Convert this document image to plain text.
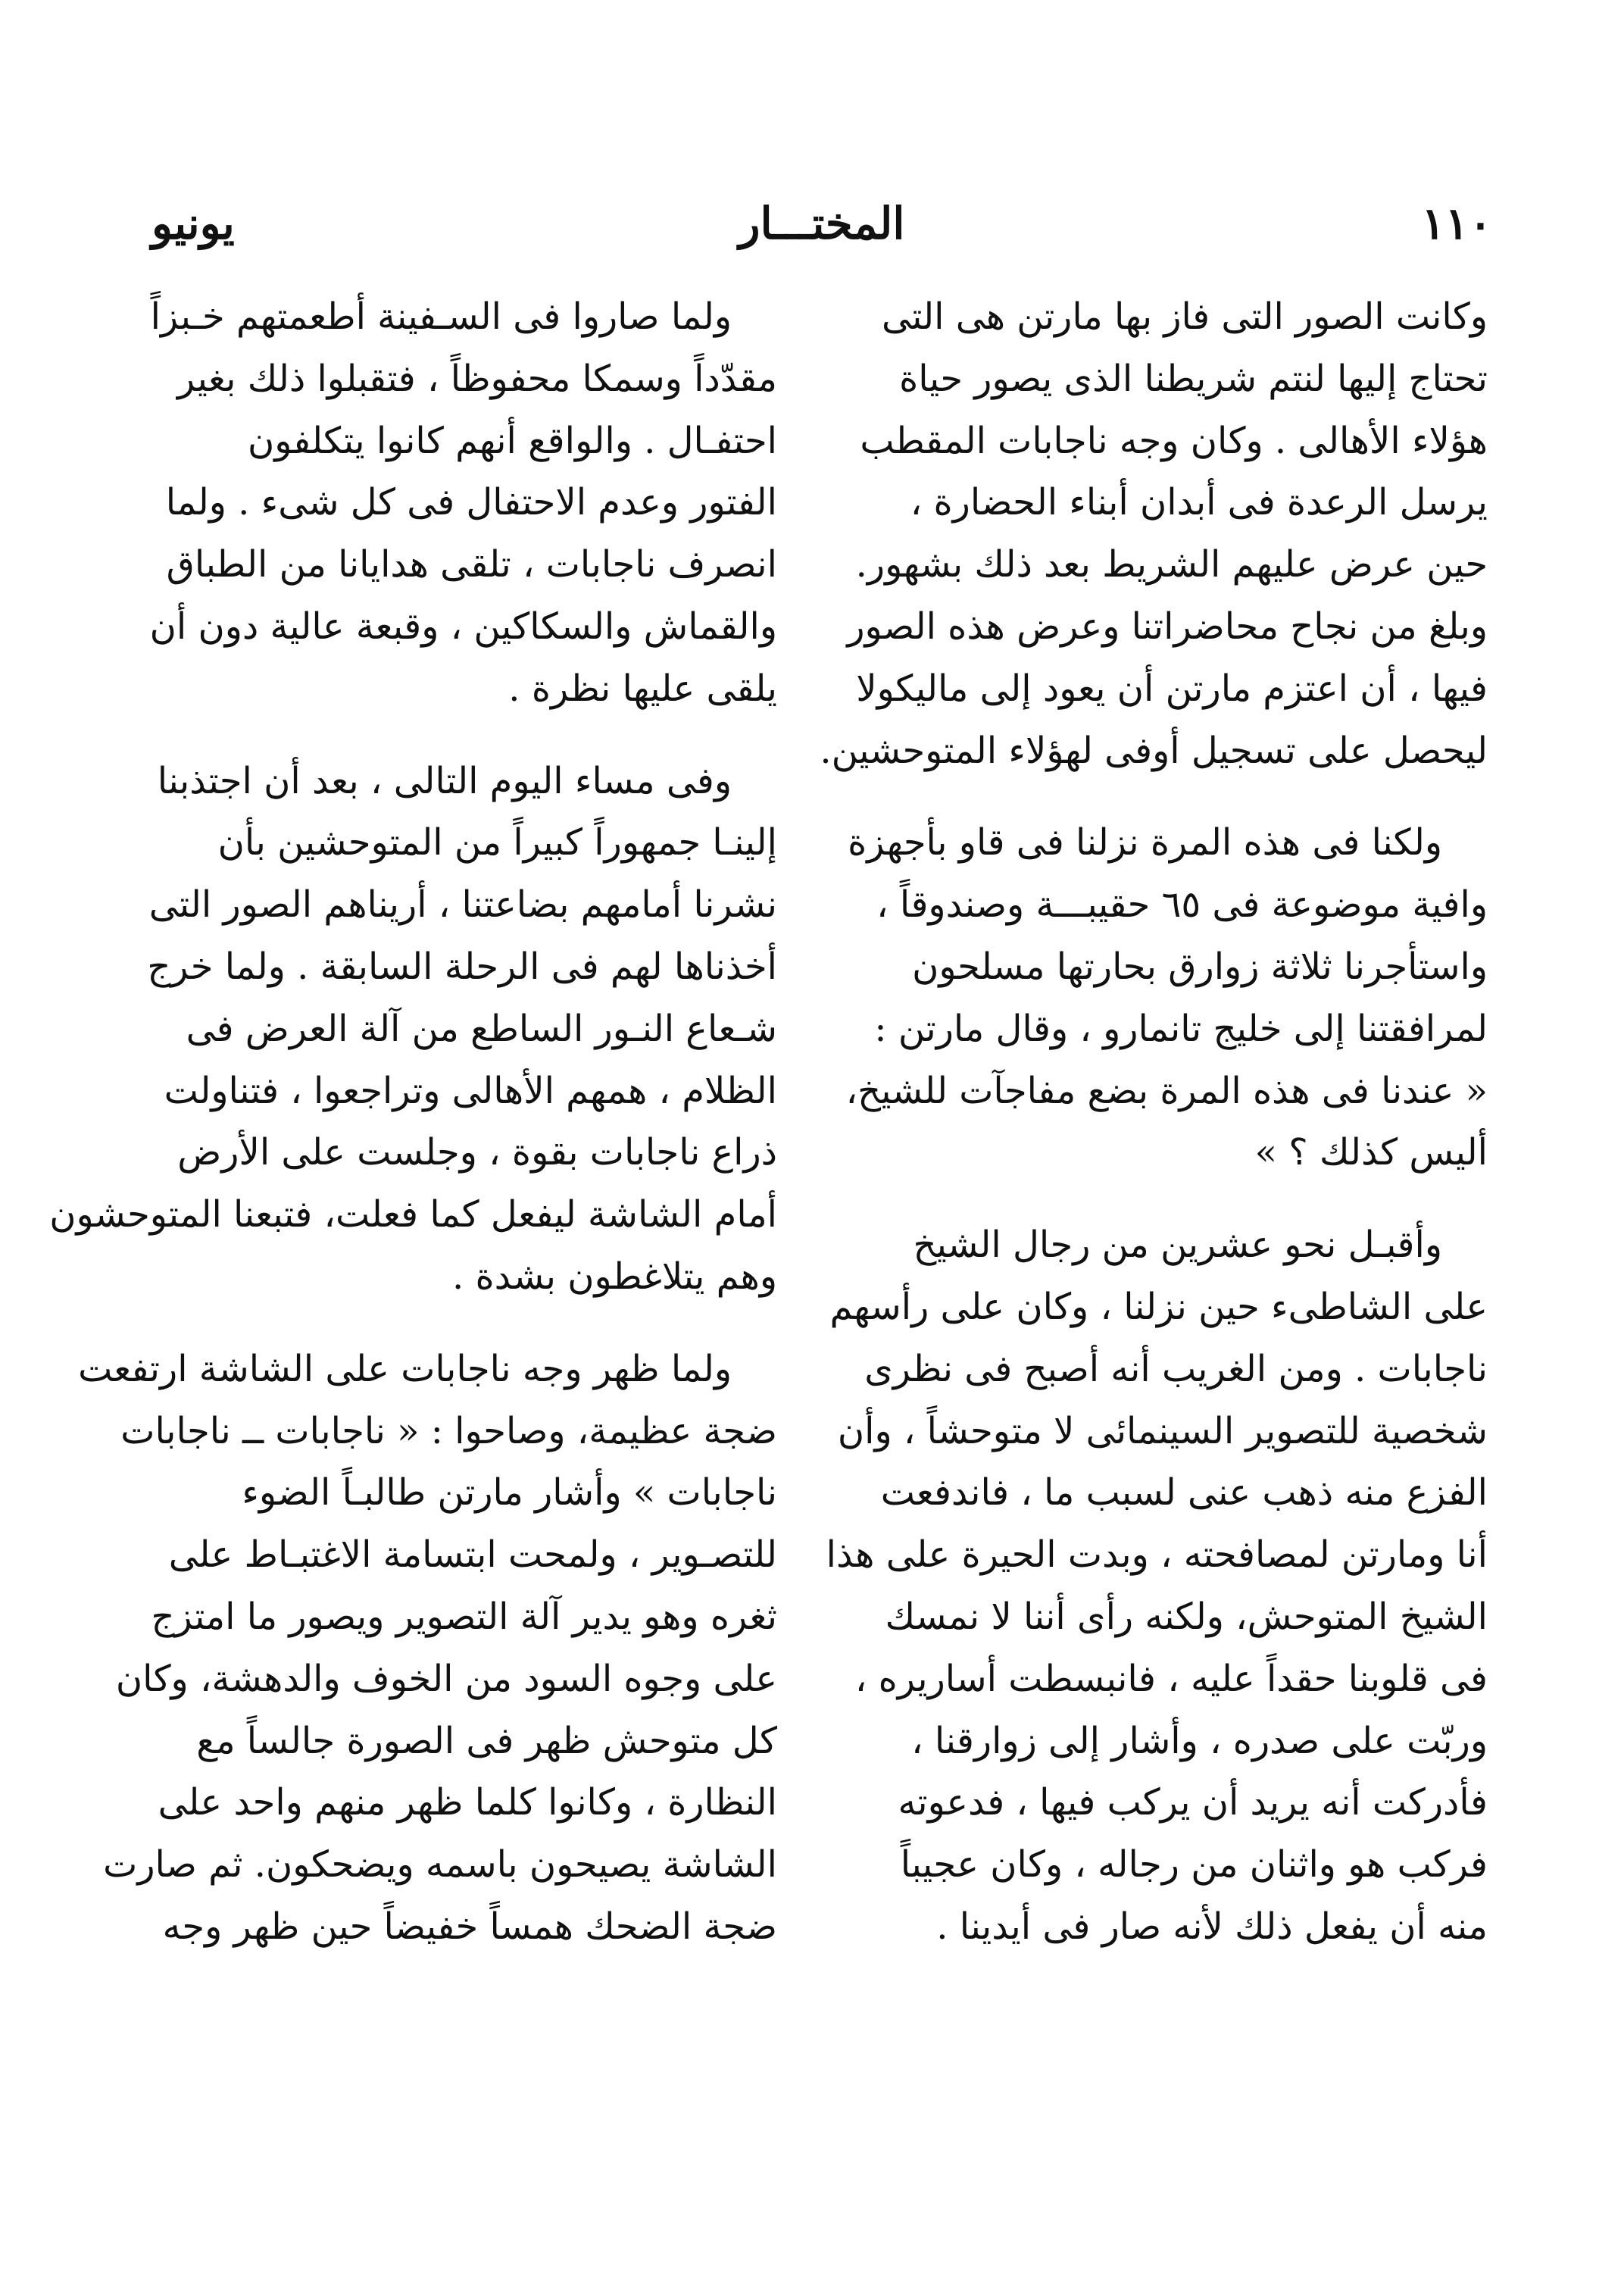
١١٠
المختـــار
يونيو
وكانت الصور التى فاز بها مارتن هى التى
تحتاج إليها لنتم شريطنا الذى يصور حياة
هؤلاء الأهالى . وكان وجه ناجابات المقطب
يرسل الرعدة فى أبدان أبناء الحضارة ،
حين عرض عليهم الشريط بعد ذلك بشهور.
وبلغ من نجاح محاضراتنا وعرض هذه الصور
فيها ، أن اعتزم مارتن أن يعود إلى ماليكولا
ليحصل على تسجيل أوفى لهؤلاء المتوحشين.
ولكنا فى هذه المرة نزلنا فى قاو بأجهزة
وافية موضوعة فى ٦٥ حقيبـــة وصندوقاً ،
واستأجرنا ثلاثة زوارق بحارتها مسلحون
لمرافقتنا إلى خليج تانمارو ، وقال مارتن :
« عندنا فى هذه المرة بضع مفاجآت للشيخ،
أليس كذلك ؟ »
وأقبـل نحو عشرين من رجال الشيخ
على الشاطىء حين نزلنا ، وكان على رأسهم
ناجابات . ومن الغريب أنه أصبح فى نظرى
شخصية للتصوير السينمائى لا متوحشاً ، وأن
الفزع منه ذهب عنى لسبب ما ، فاندفعت
أنا ومارتن لمصافحته ، وبدت الحيرة على هذا
الشيخ المتوحش، ولكنه رأى أننا لا نمسك
فى قلوبنا حقداً عليه ، فانبسطت أساريره ،
وربّت على صدره ، وأشار إلى زوارقنا ،
فأدركت أنه يريد أن يركب فيها ، فدعوته
فركب هو واثنان من رجاله ، وكان عجيباً
منه أن يفعل ذلك لأنه صار فى أيدينا .
ولما صاروا فى السـفينة أطعمتهم خـبزاً
مقدّداً وسمكا محفوظاً ، فتقبلوا ذلك بغير
احتفـال . والواقع أنهم كانوا يتكلفون
الفتور وعدم الاحتفال فى كل شىء . ولما
انصرف ناجابات ، تلقى هدايانا من الطباق
والقماش والسكاكين ، وقبعة عالية دون أن
يلقى عليها نظرة .
وفى مساء اليوم التالى ، بعد أن اجتذبنا
إلينـا جمهوراً كبيراً من المتوحشين بأن
نشرنا أمامهم بضاعتنا ، أريناهم الصور التى
أخذناها لهم فى الرحلة السابقة . ولما خرج
شـعاع النـور الساطع من آلة العرض فى
الظلام ، همهم الأهالى وتراجعوا ، فتناولت
ذراع ناجابات بقوة ، وجلست على الأرض
أمام الشاشة ليفعل كما فعلت، فتبعنا المتوحشون
وهم يتلاغطون بشدة .
ولما ظهر وجه ناجابات على الشاشة ارتفعت
ضجة عظيمة، وصاحوا : « ناجابات ــ ناجابات
ناجابات » وأشار مارتن طالبـاً الضوء
للتصـوير ، ولمحت ابتسامة الاغتبـاط على
ثغره وهو يدير آلة التصوير ويصور ما امتزج
على وجوه السود من الخوف والدهشة، وكان
كل متوحش ظهر فى الصورة جالساً مع
النظارة ، وكانوا كلما ظهر منهم واحد على
الشاشة يصيحون باسمه ويضحكون. ثم صارت
ضجة الضحك همساً خفيضاً حين ظهر وجه
